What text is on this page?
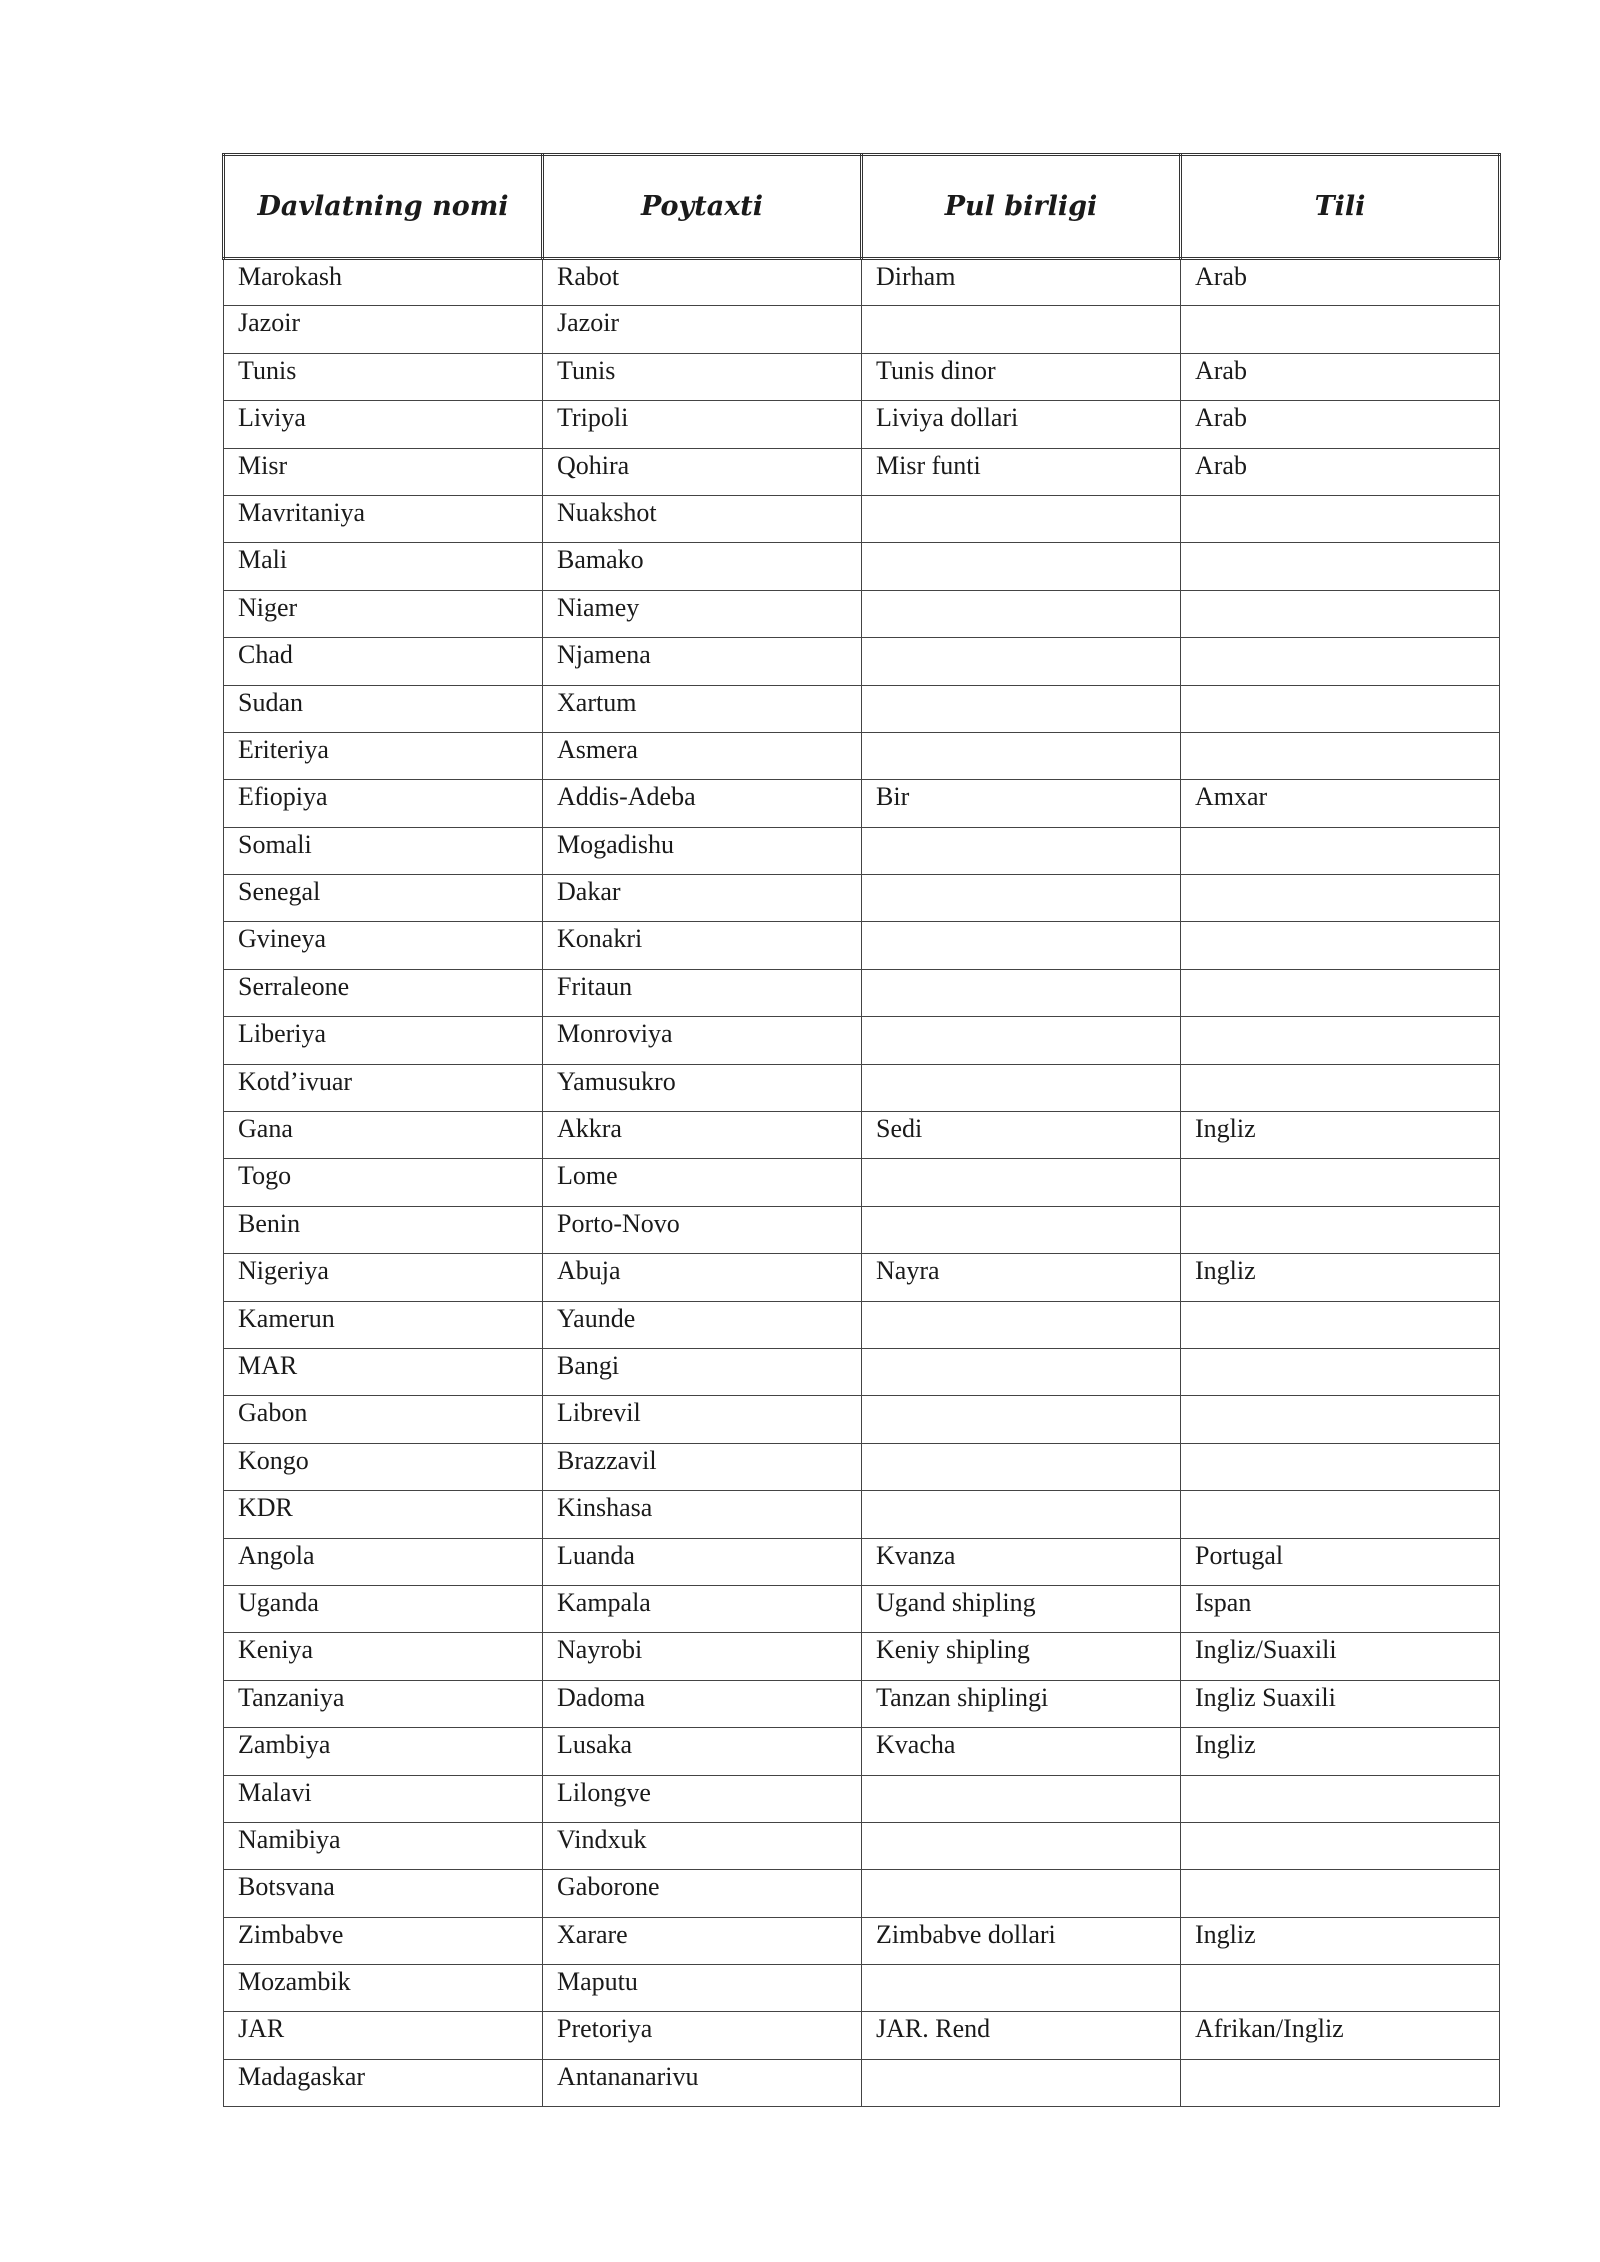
Davlatning nomi	Poytaxti	Pul birligi	Tili
Marokash	Rabot	Dirham	Arab
Jazoir	Jazoir		
Tunis	Tunis	Tunis dinor	Arab
Liviya	Tripoli	Liviya dollari	Arab
Misr	Qohira	Misr funti	Arab
Mavritaniya	Nuakshot		
Mali	Bamako		
Niger	Niamey		
Chad	Njamena		
Sudan	Xartum		
Eriteriya	Asmera		
Efiopiya	Addis-Adeba	Bir	Amxar
Somali	Mogadishu		
Senegal	Dakar		
Gvineya	Konakri		
Serraleone	Fritaun		
Liberiya	Monroviya		
Kotd’ivuar	Yamusukro		
Gana	Akkra	Sedi	Ingliz
Togo	Lome		
Benin	Porto-Novo		
Nigeriya	Abuja	Nayra	Ingliz
Kamerun	Yaunde		
MAR	Bangi		
Gabon	Librevil		
Kongo	Brazzavil		
KDR	Kinshasa		
Angola	Luanda	Kvanza	Portugal
Uganda	Kampala	Ugand shipling	Ispan
Keniya	Nayrobi	Keniy shipling	Ingliz/Suaxili
Tanzaniya	Dadoma	Tanzan shiplingi	Ingliz Suaxili
Zambiya	Lusaka	Kvacha	Ingliz
Malavi	Lilongve		
Namibiya	Vindxuk		
Botsvana	Gaborone		
Zimbabve	Xarare	Zimbabve dollari	Ingliz
Mozambik	Maputu		
JAR	Pretoriya	JAR. Rend	Afrikan/Ingliz
Madagaskar	Antananarivu		
